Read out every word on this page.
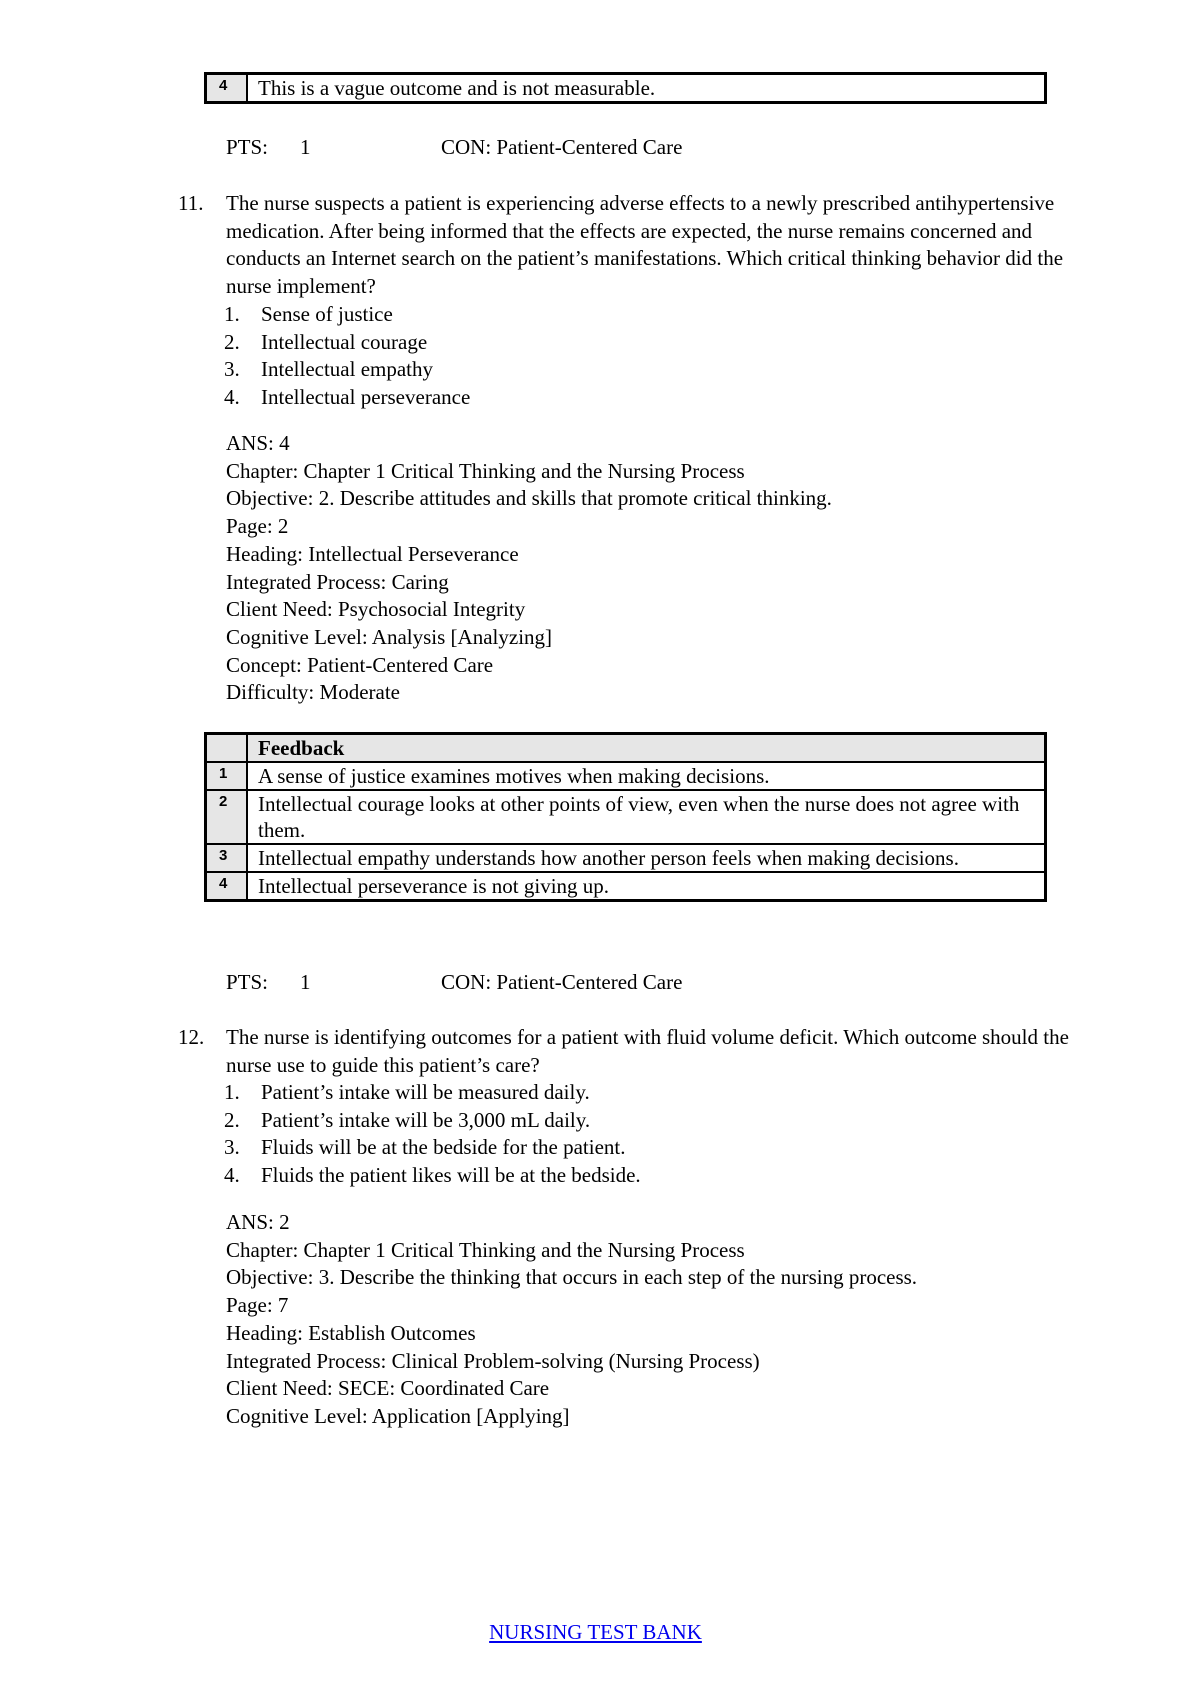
4	This is a vague outcome and is not measurable.
PTS: 1	CON: Patient-Centered Care
11. The nurse suspects a patient is experiencing adverse effects to a newly prescribed antihypertensive medication. After being informed that the effects are expected, the nurse remains concerned and conducts an Internet search on the patient’s manifestations. Which critical thinking behavior did the nurse implement?
1. Sense of justice
2. Intellectual courage
3. Intellectual empathy
4. Intellectual perseverance
ANS: 4
Chapter: Chapter 1 Critical Thinking and the Nursing Process
Objective: 2. Describe attitudes and skills that promote critical thinking.
Page: 2
Heading: Intellectual Perseverance
Integrated Process: Caring
Client Need: Psychosocial Integrity
Cognitive Level: Analysis [Analyzing]
Concept: Patient-Centered Care
Difficulty: Moderate
	Feedback
1	A sense of justice examines motives when making decisions.
2	Intellectual courage looks at other points of view, even when the nurse does not agree with them.
3	Intellectual empathy understands how another person feels when making decisions.
4	Intellectual perseverance is not giving up.
PTS: 1	CON: Patient-Centered Care
12. The nurse is identifying outcomes for a patient with fluid volume deficit. Which outcome should the nurse use to guide this patient’s care?
1. Patient’s intake will be measured daily.
2. Patient’s intake will be 3,000 mL daily.
3. Fluids will be at the bedside for the patient.
4. Fluids the patient likes will be at the bedside.
ANS: 2
Chapter: Chapter 1 Critical Thinking and the Nursing Process
Objective: 3. Describe the thinking that occurs in each step of the nursing process.
Page: 7
Heading: Establish Outcomes
Integrated Process: Clinical Problem-solving (Nursing Process)
Client Need: SECE: Coordinated Care
Cognitive Level: Application [Applying]
NURSING TEST BANK
